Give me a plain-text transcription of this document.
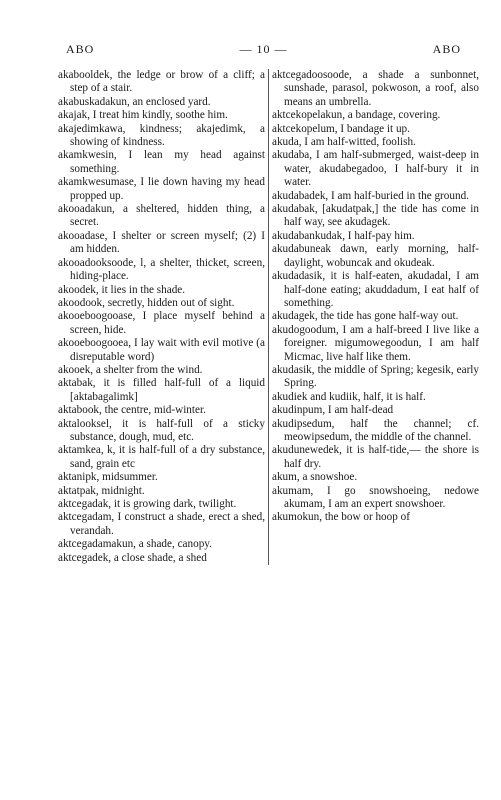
ABO	— 10 —	ABO

akabooldek, the ledge or brow of a cliff; a step of a stair.

akabuskadakun, an enclosed yard.

akajak, I treat him kindly, soothe him.

akajedimkawa, kindness; akajedimk, a showing of kindness.

akamkwesin, I lean my head against something.

akamkwesumase, I lie down having my head propped up.

akooadakun, a sheltered, hidden thing, a secret.

akooadase, I shelter or screen myself; (2) I am hidden.

akooadooksoode, l, a shelter, thicket, screen, hiding-place.

akoodek, it lies in the shade.

akoodook, secretly, hidden out of sight.

akooeboogooase, I place myself behind a screen, hide.

akooeboogooea, I lay wait with evil motive (a disreputable word)

akooek, a shelter from the wind.

aktabak, it is filled half-full of a liquid [aktabagalimk]

aktabook, the centre, mid-winter.

aktalooksel, it is half-full of a sticky substance, dough, mud, etc.

aktamkea, k, it is half-full of a dry substance, sand, grain etc

aktanipk, midsummer.

aktatpak, midnight.

aktcegadak, it is growing dark, twilight.

aktcegadam, I construct a shade, erect a shed, verandah.

aktcegadamakun, a shade, canopy.

aktcegadek, a close shade, a shed

aktcegadoosoode, a shade a sunbonnet, sunshade, parasol, pokwoson, a roof, also means an umbrella.

aktcekopelakun, a bandage, covering.

aktcekopelum, I bandage it up.

akuda, I am half-witted, foolish.

akudaba, I am half-submerged, waist-deep in water, akudabegadoo, I half-bury it in water.

akudabadek, I am half-buried in the ground.

akudabak, [akudatpak,] the tide has come in half way, see akudagek.

akudabankudak, I half-pay him.

akudabuneak dawn, early morning, half-daylight, wobuncak and okudeak.

akudadasik, it is half-eaten, akudadal, I am half-done eating; akuddadum, I eat half of something.

akudagek, the tide has gone half-way out.

akudogoodum, I am a half-breed I live like a foreigner. migumowegoodun, I am half Micmac, live half like them.

akudasik, the middle of Spring; kegesik, early Spring.

akudiek and kudiik, half, it is half.

akudinpum, I am half-dead

akudipsedum, half the channel; cf. meowipsedum, the middle of the channel.

akudunewedek, it is half-tide,— the shore is half dry.

akum, a snowshoe.

akumam, I go snowshoeing, nedowe akumam, I am an expert snowshoer.

akumokun, the bow or hoop of
